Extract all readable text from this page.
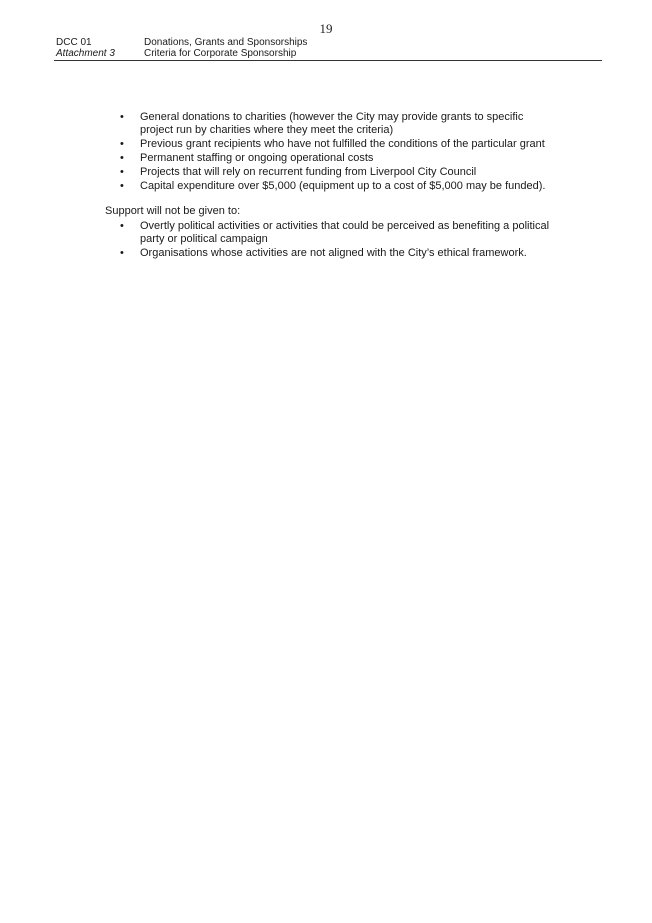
19
DCC 01
Attachment 3
Donations, Grants and Sponsorships
Criteria for Corporate Sponsorship
• General donations to charities (however the City may provide grants to specific project run by charities where they meet the criteria)
• Previous grant recipients who have not fulfilled the conditions of the particular grant
• Permanent staffing or ongoing operational costs
• Projects that will rely on recurrent funding from Liverpool City Council
• Capital expenditure over $5,000 (equipment up to a cost of $5,000 may be funded).

Support will not be given to:

• Overtly political activities or activities that could be perceived as benefiting a political party or political campaign
• Organisations whose activities are not aligned with the City’s ethical framework.
